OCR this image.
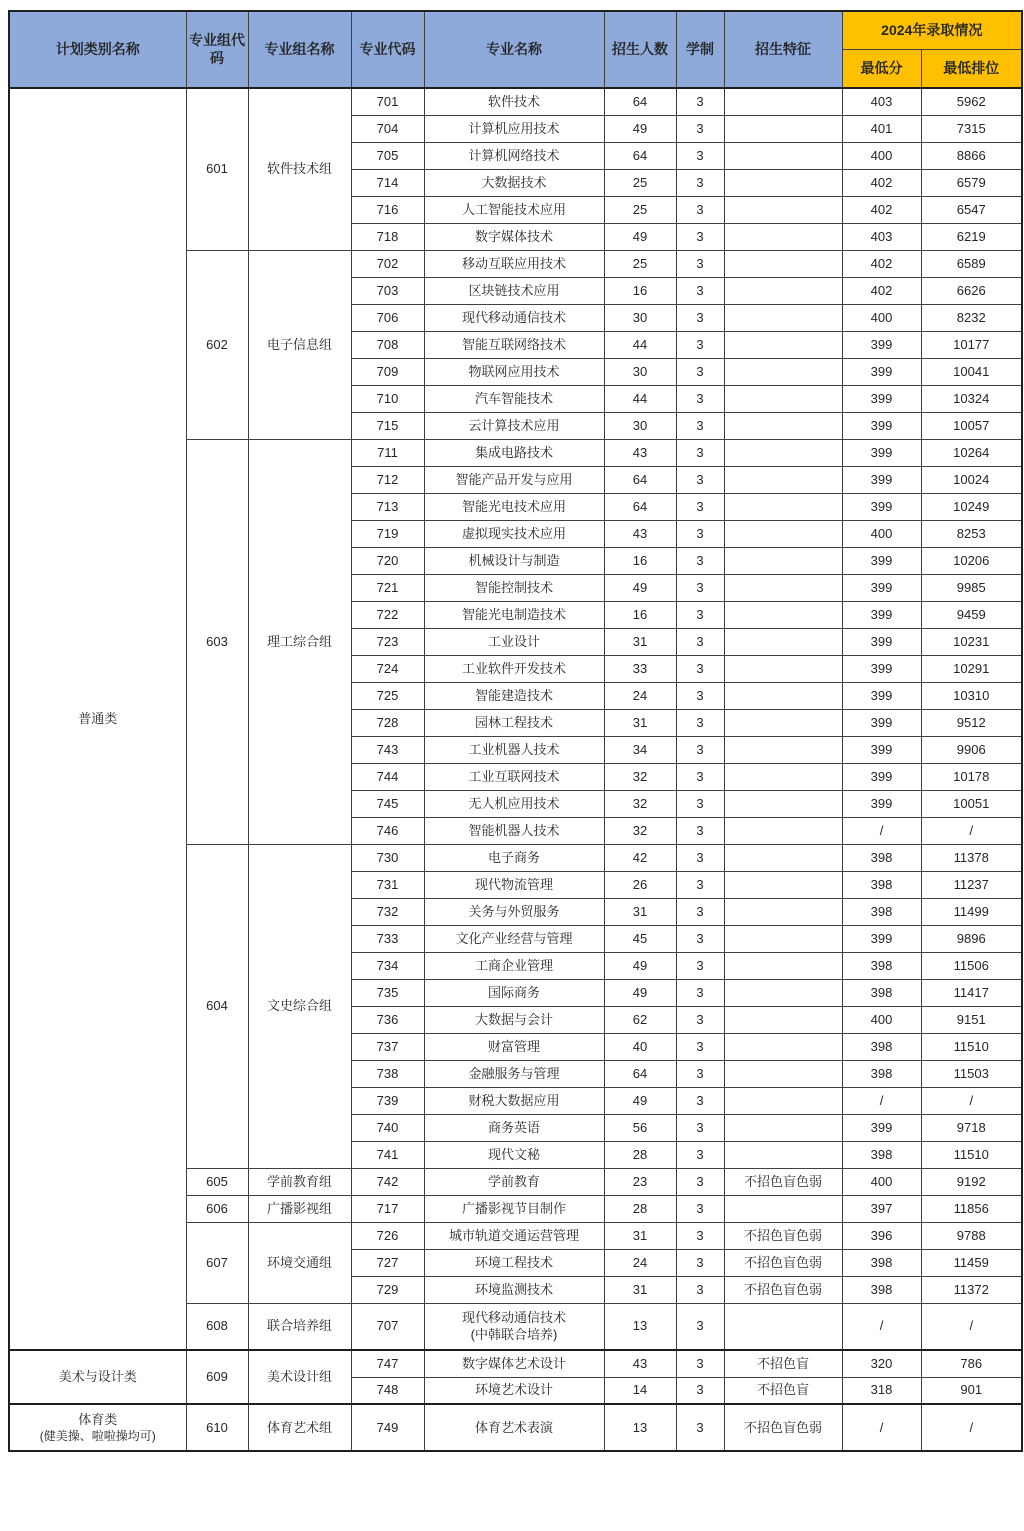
计划类别名称	专业组代码	专业组名称	专业代码	专业名称	招生人数	学制	招生特征	2024年录取情况	
								最低分	最低排位
普通类	601	软件技术组	701	软件技术	64	3		403	5962
			704	计算机应用技术	49	3		401	7315
			705	计算机网络技术	64	3		400	8866
			714	大数据技术	25	3		402	6579
			716	人工智能技术应用	25	3		402	6547
			718	数字媒体技术	49	3		403	6219
	602	电子信息组	702	移动互联应用技术	25	3		402	6589
			703	区块链技术应用	16	3		402	6626
			706	现代移动通信技术	30	3		400	8232
			708	智能互联网络技术	44	3		399	10177
			709	物联网应用技术	30	3		399	10041
			710	汽车智能技术	44	3		399	10324
			715	云计算技术应用	30	3		399	10057
	603	理工综合组	711	集成电路技术	43	3		399	10264
			712	智能产品开发与应用	64	3		399	10024
			713	智能光电技术应用	64	3		399	10249
			719	虚拟现实技术应用	43	3		400	8253
			720	机械设计与制造	16	3		399	10206
			721	智能控制技术	49	3		399	9985
			722	智能光电制造技术	16	3		399	9459
			723	工业设计	31	3		399	10231
			724	工业软件开发技术	33	3		399	10291
			725	智能建造技术	24	3		399	10310
			728	园林工程技术	31	3		399	9512
			743	工业机器人技术	34	3		399	9906
			744	工业互联网技术	32	3		399	10178
			745	无人机应用技术	32	3		399	10051
			746	智能机器人技术	32	3		/	/
	604	文史综合组	730	电子商务	42	3		398	11378
			731	现代物流管理	26	3		398	11237
			732	关务与外贸服务	31	3		398	11499
			733	文化产业经营与管理	45	3		399	9896
			734	工商企业管理	49	3		398	11506
			735	国际商务	49	3		398	11417
			736	大数据与会计	62	3		400	9151
			737	财富管理	40	3		398	11510
			738	金融服务与管理	64	3		398	11503
			739	财税大数据应用	49	3		/	/
			740	商务英语	56	3		399	9718
			741	现代文秘	28	3		398	11510
	605	学前教育组	742	学前教育	23	3	不招色盲色弱	400	9192
	606	广播影视组	717	广播影视节目制作	28	3		397	11856
	607	环境交通组	726	城市轨道交通运营管理	31	3	不招色盲色弱	396	9788
			727	环境工程技术	24	3	不招色盲色弱	398	11459
			729	环境监测技术	31	3	不招色盲色弱	398	11372
	608	联合培养组	707	现代移动通信技术
(中韩联合培养)	13	3		/	/
美术与设计类	609	美术设计组	747	数字媒体艺术设计	43	3	不招色盲	320	786
			748	环境艺术设计	14	3	不招色盲	318	901

体育类
(健美操、啦啦操均可)	610	体育艺术组	749	体育艺术表演	13	3	不招色盲色弱	/	/
